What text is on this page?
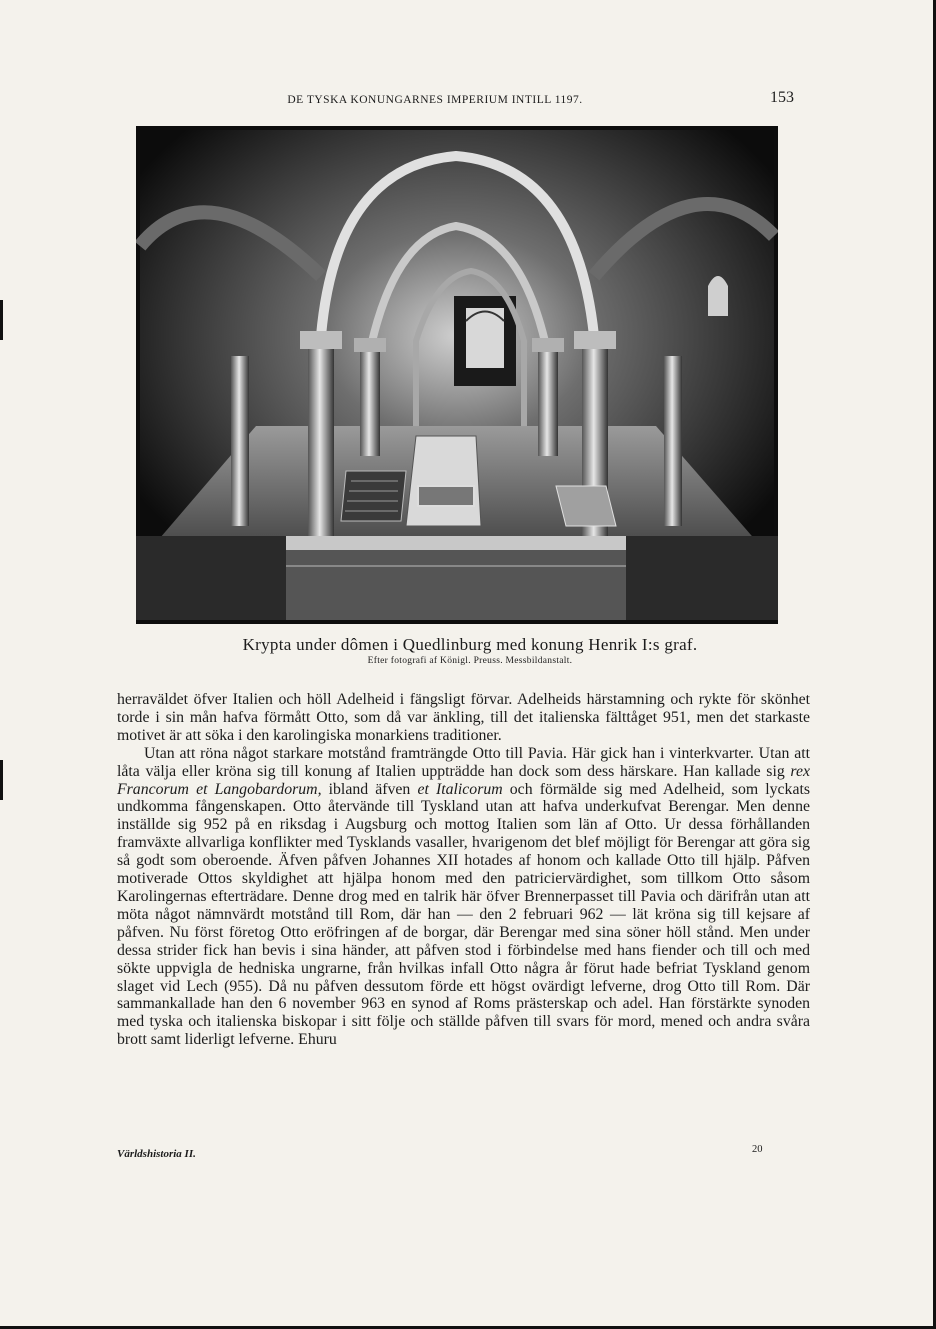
DE TYSKA KONUNGARNES IMPERIUM INTILL 1197.	153
Krypta under dômen i Quedlinburg med konung Henrik I:s graf.
Efter fotografi af Königl. Preuss. Messbildanstalt.

herraväldet öfver Italien och höll Adelheid i fängsligt förvar. Adelheids härstamning och rykte för skönhet torde i sin mån hafva förmått Otto, som då var änkling, till det italienska fälttåget 951, men det starkaste motivet är att söka i den karolingiska monarkiens traditioner.

Utan att röna något starkare motstånd framträngde Otto till Pavia. Här gick han i vinterkvarter. Utan att låta välja eller kröna sig till konung af Italien uppträdde han dock som dess härskare. Han kallade sig rex Francorum et Langobardorum, ibland äfven et Italicorum och förmälde sig med Adelheid, som lyckats undkomma fångenskapen. Otto återvände till Tyskland utan att hafva underkufvat Berengar. Men denne inställde sig 952 på en riksdag i Augsburg och mottog Italien som län af Otto. Ur dessa förhållanden framväxte allvarliga konflikter med Tysklands vasaller, hvarigenom det blef möjligt för Berengar att göra sig så godt som oberoende. Äfven påfven Johannes XII hotades af honom och kallade Otto till hjälp. Påfven motiverade Ottos skyldighet att hjälpa honom med den patriciervärdighet, som tillkom Otto såsom Karolingernas efterträdare. Denne drog med en talrik här öfver Brennerpasset till Pavia och därifrån utan att möta något nämnvärdt motstånd till Rom, där han — den 2 februari 962 — lät kröna sig till kejsare af påfven. Nu först företog Otto eröfringen af de borgar, där Berengar med sina söner höll stånd. Men under dessa strider fick han bevis i sina händer, att påfven stod i förbindelse med hans fiender och till och med sökte uppvigla de hedniska ungrarne, från hvilkas infall Otto några år förut hade befriat Tyskland genom slaget vid Lech (955). Då nu påfven dessutom förde ett högst ovärdigt lefverne, drog Otto till Rom. Där sammankallade han den 6 november 963 en synod af Roms prästerskap och adel. Han förstärkte synoden med tyska och italienska biskopar i sitt följe och ställde påfven till svars för mord, mened och andra svåra brott samt liderligt lefverne. Ehuru

Världshistoria II.	20
